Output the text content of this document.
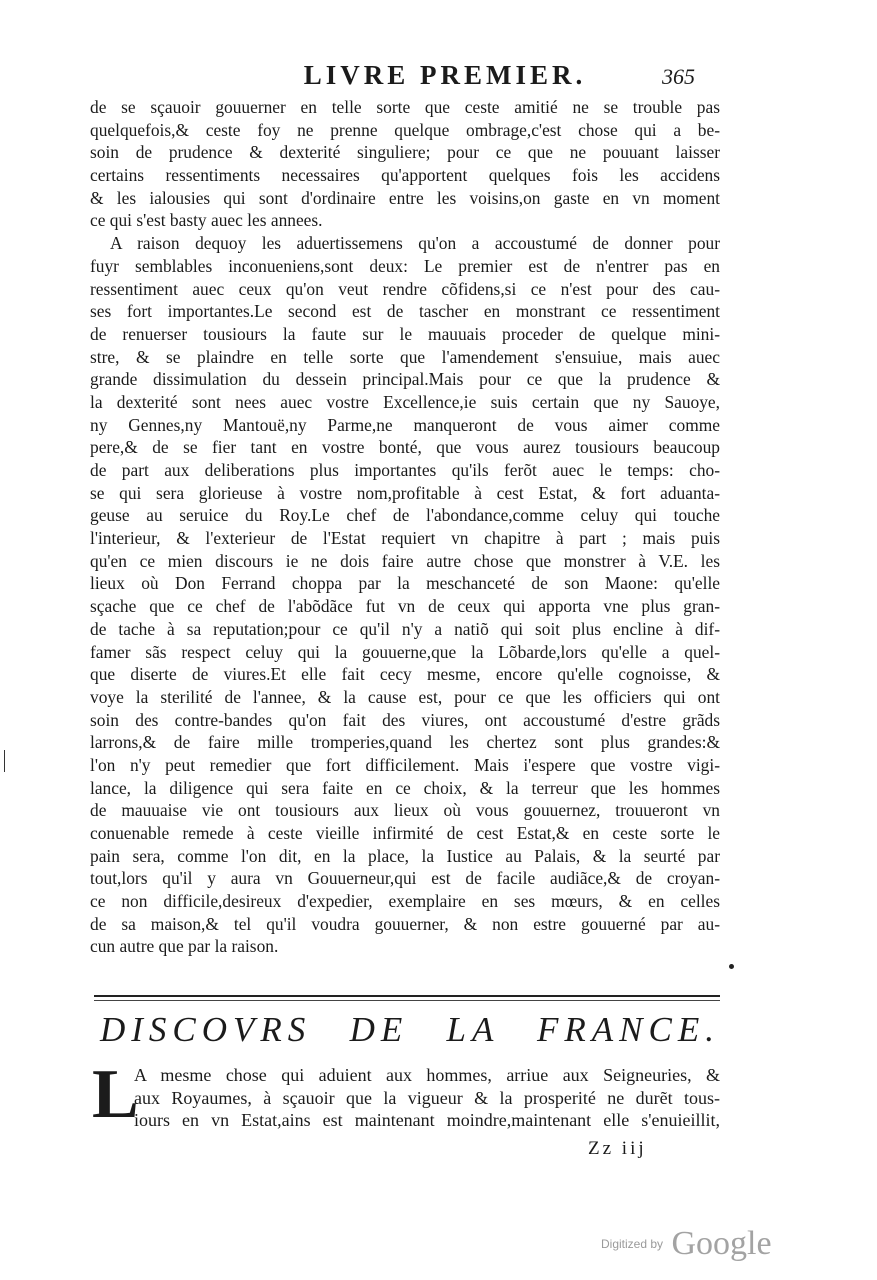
LIVRE PREMIER.	365
de se sçauoir gouuerner en telle sorte que ceste amitié ne se trouble pas
quelquefois,& ceste foy ne prenne quelque ombrage,c'est chose qui a be-
soin de prudence & dexterité singuliere; pour ce que ne pouuant laisser
certains ressentiments necessaires qu'apportent quelques fois les accidens
& les ialousies qui sont d'ordinaire entre les voisins,on gaste en vn moment
ce qui s'est basty auec les annees.
A raison dequoy les aduertissemens qu'on a accoustumé de donner pour
fuyr semblables inconueniens,sont deux: Le premier est de n'entrer pas en
ressentiment auec ceux qu'on veut rendre cõfidens,si ce n'est pour des cau-
ses fort importantes.Le second est de tascher en monstrant ce ressentiment
de renuerser tousiours la faute sur le mauuais proceder de quelque mini-
stre, & se plaindre en telle sorte que l'amendement s'ensuiue, mais auec
grande dissimulation du dessein principal.Mais pour ce que la prudence &
la dexterité sont nees auec vostre Excellence,ie suis certain que ny Sauoye,
ny Gennes,ny Mantouë,ny Parme,ne manqueront de vous aimer comme
pere,& de se fier tant en vostre bonté, que vous aurez tousiours beaucoup
de part aux deliberations plus importantes qu'ils ferõt auec le temps: cho-
se qui sera glorieuse à vostre nom,profitable à cest Estat, & fort aduanta-
geuse au seruice du Roy.Le chef de l'abondance,comme celuy qui touche
l'interieur, & l'exterieur de l'Estat requiert vn chapitre à part ; mais puis
qu'en ce mien discours ie ne dois faire autre chose que monstrer à V.E. les
lieux où Don Ferrand choppa par la meschanceté de son Maone: qu'elle
sçache que ce chef de l'abõdãce fut vn de ceux qui apporta vne plus gran-
de tache à sa reputation;pour ce qu'il n'y a natiõ qui soit plus encline à dif-
famer sãs respect celuy qui la gouuerne,que la Lõbarde,lors qu'elle a quel-
que diserte de viures.Et elle fait cecy mesme, encore qu'elle cognoisse, &
voye la sterilité de l'annee, & la cause est, pour ce que les officiers qui ont
soin des contre-bandes qu'on fait des viures, ont accoustumé d'estre grãds
larrons,& de faire mille tromperies,quand les chertez sont plus grandes:&
l'on n'y peut remedier que fort difficilement. Mais i'espere que vostre vigi-
lance, la diligence qui sera faite en ce choix, & la terreur que les hommes
de mauuaise vie ont tousiours aux lieux où vous gouuernez, trouueront vn
conuenable remede à ceste vieille infirmité de cest Estat,& en ceste sorte le
pain sera, comme l'on dit, en la place, la Iustice au Palais, & la seurté par
tout,lors qu'il y aura vn Gouuerneur,qui est de facile audiãce,& de croyan-
ce non difficile,desireux d'expedier, exemplaire en ses mœurs, & en celles
de sa maison,& tel qu'il voudra gouuerner, & non estre gouuerné par au-
cun autre que par la raison.
DISCOVRS DE LA FRANCE.
L
A mesme chose qui aduient aux hommes, arriue aux Seigneuries, &
aux Royaumes, à sçauoir que la vigueur & la prosperité ne durẽt tous-
iours en vn Estat,ains est maintenant moindre,maintenant elle s'enuieillit,
Zz iij
Digitized by Google
